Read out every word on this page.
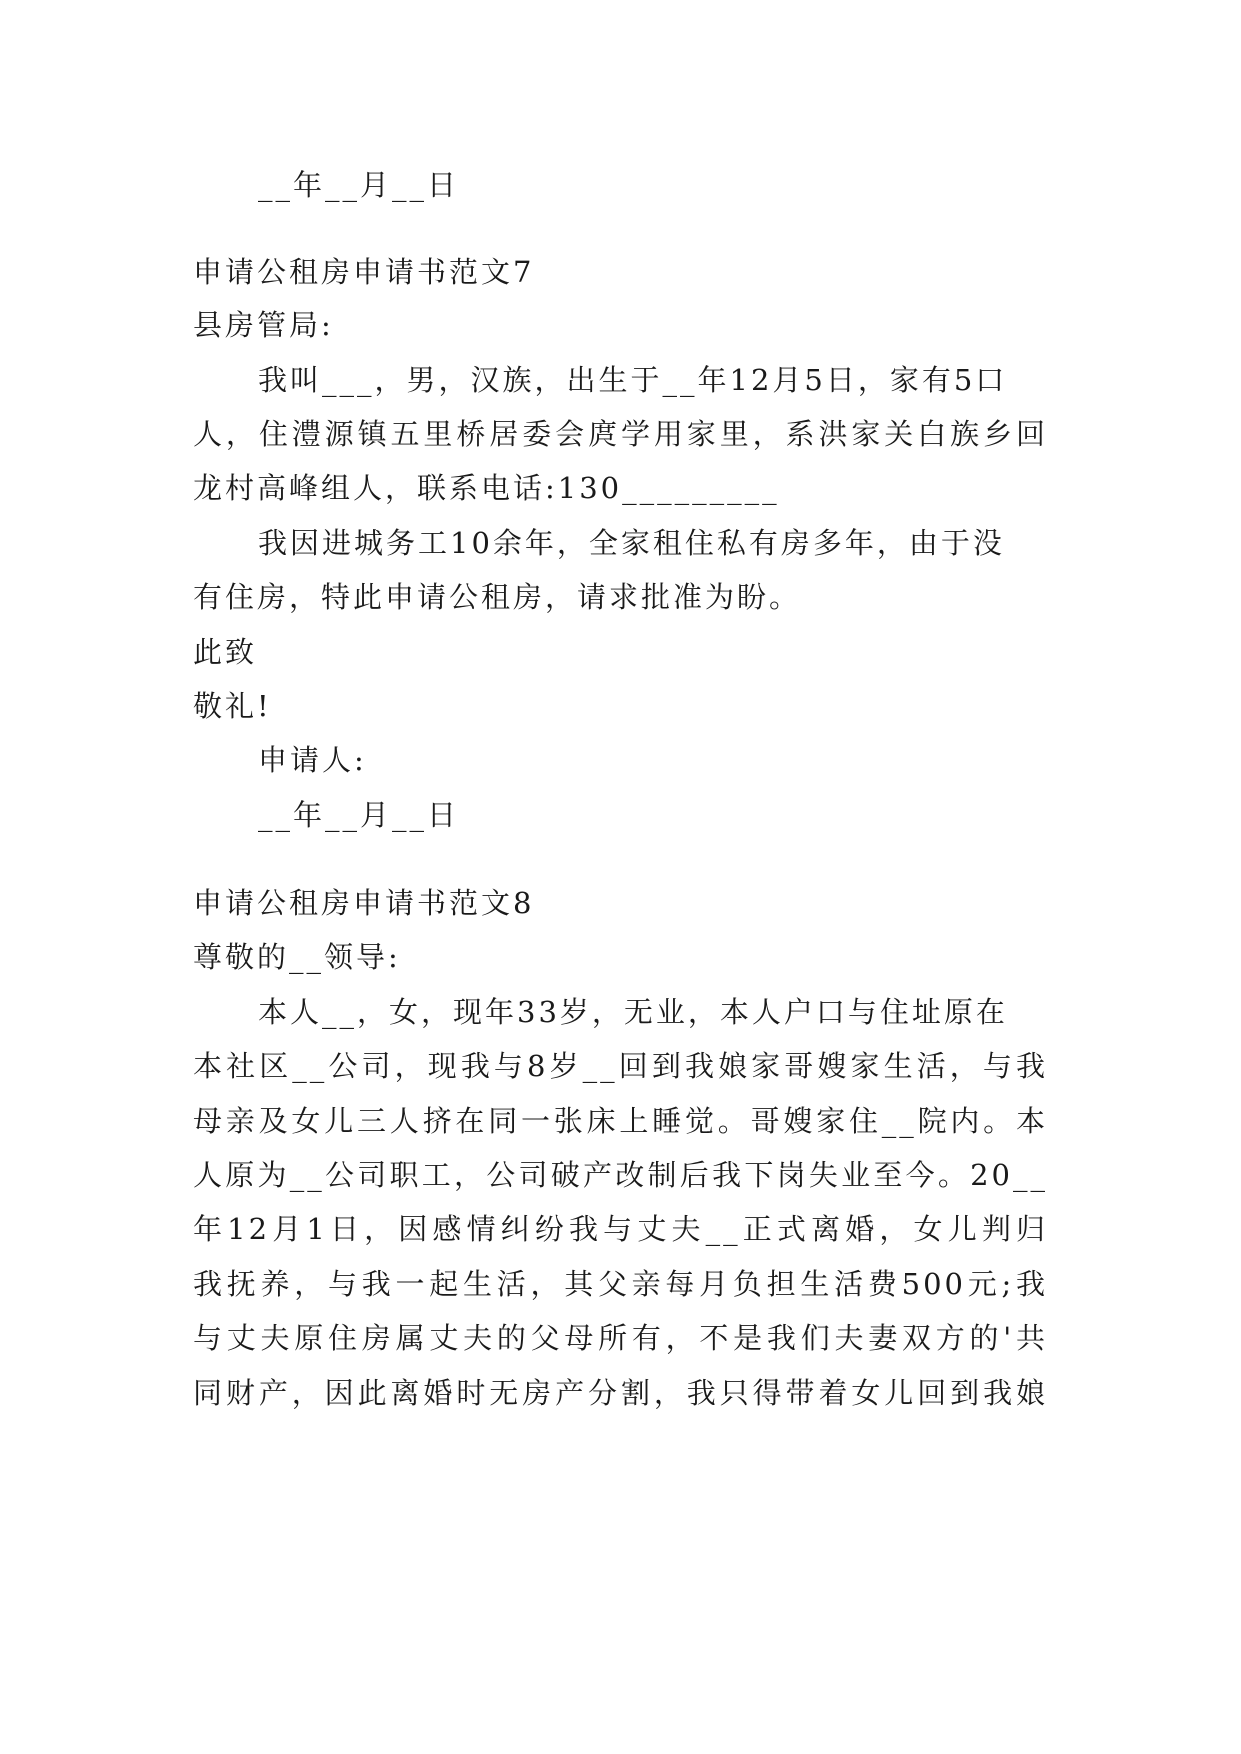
__年__月__日
申请公租房申请书范文7
县房管局:
我叫___，男，汉族，出生于__年12月5日，家有5口
人，住澧源镇五里桥居委会庹学用家里，系洪家关白族乡回
龙村高峰组人，联系电话:130_________
我因进城务工10余年，全家租住私有房多年，由于没
有住房，特此申请公租房，请求批准为盼。
此致
敬礼!
申请人:
__年__月__日
申请公租房申请书范文8
尊敬的__领导:
本人__，女，现年33岁，无业，本人户口与住址原在
本社区__公司，现我与8岁__回到我娘家哥嫂家生活，与我
母亲及女儿三人挤在同一张床上睡觉。哥嫂家住__院内。本
人原为__公司职工，公司破产改制后我下岗失业至今。20__
年12月1日，因感情纠纷我与丈夫__正式离婚，女儿判归
我抚养，与我一起生活，其父亲每月负担生活费500元;我
与丈夫原住房属丈夫的父母所有，不是我们夫妻双方的'共
同财产，因此离婚时无房产分割，我只得带着女儿回到我娘
